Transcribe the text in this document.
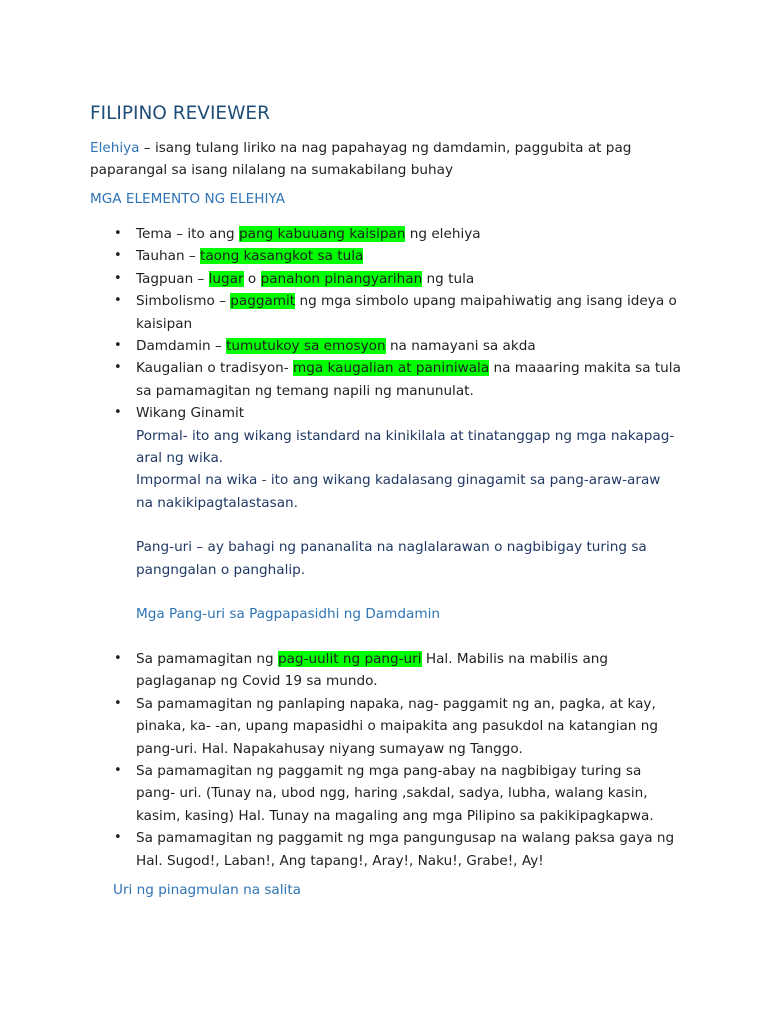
FILIPINO REVIEWER
Elehiya – isang tulang liriko na nag papahayag ng damdamin, paggubita at pag paparangal sa isang nilalang na sumakabilang buhay
MGA ELEMENTO NG ELEHIYA
• Tema – ito ang pang kabuuang kaisipan ng elehiya
• Tauhan – taong kasangkot sa tula
• Tagpuan – lugar o panahon pinangyarihan ng tula
• Simbolismo – paggamit ng mga simbolo upang maipahiwatig ang isang ideya o kaisipan
• Damdamin – tumutukoy sa emosyon na namayani sa akda
• Kaugalian o tradisyon- mga kaugalian at paniniwala na maaaring makita sa tula sa pamamagitan ng temang napili ng manunulat.
• Wikang Ginamit
Pormal- ito ang wikang istandard na kinikilala at tinatanggap ng mga nakapag- aral ng wika.
Impormal na wika - ito ang wikang kadalasang ginagamit sa pang-araw-araw na nakikipagtalastasan.
Pang-uri – ay bahagi ng pananalita na naglalarawan o nagbibigay turing sa pangngalan o panghalip.
Mga Pang-uri sa Pagpapasidhi ng Damdamin
• Sa pamamagitan ng pag-uulit ng pang-uri Hal. Mabilis na mabilis ang paglaganap ng Covid 19 sa mundo.
• Sa pamamagitan ng panlaping napaka, nag- paggamit ng an, pagka, at kay, pinaka, ka- -an, upang mapasidhi o maipakita ang pasukdol na katangian ng pang-uri. Hal. Napakahusay niyang sumayaw ng Tanggo.
• Sa pamamagitan ng paggamit ng mga pang-abay na nagbibigay turing sa pang- uri. (Tunay na, ubod ngg, haring ,sakdal, sadya, lubha, walang kasin, kasim, kasing) Hal. Tunay na magaling ang mga Pilipino sa pakikipagkapwa.
• Sa pamamagitan ng paggamit ng mga pangungusap na walang paksa gaya ng Hal. Sugod!, Laban!, Ang tapang!, Aray!, Naku!, Grabe!, Ay!
Uri ng pinagmulan na salita
